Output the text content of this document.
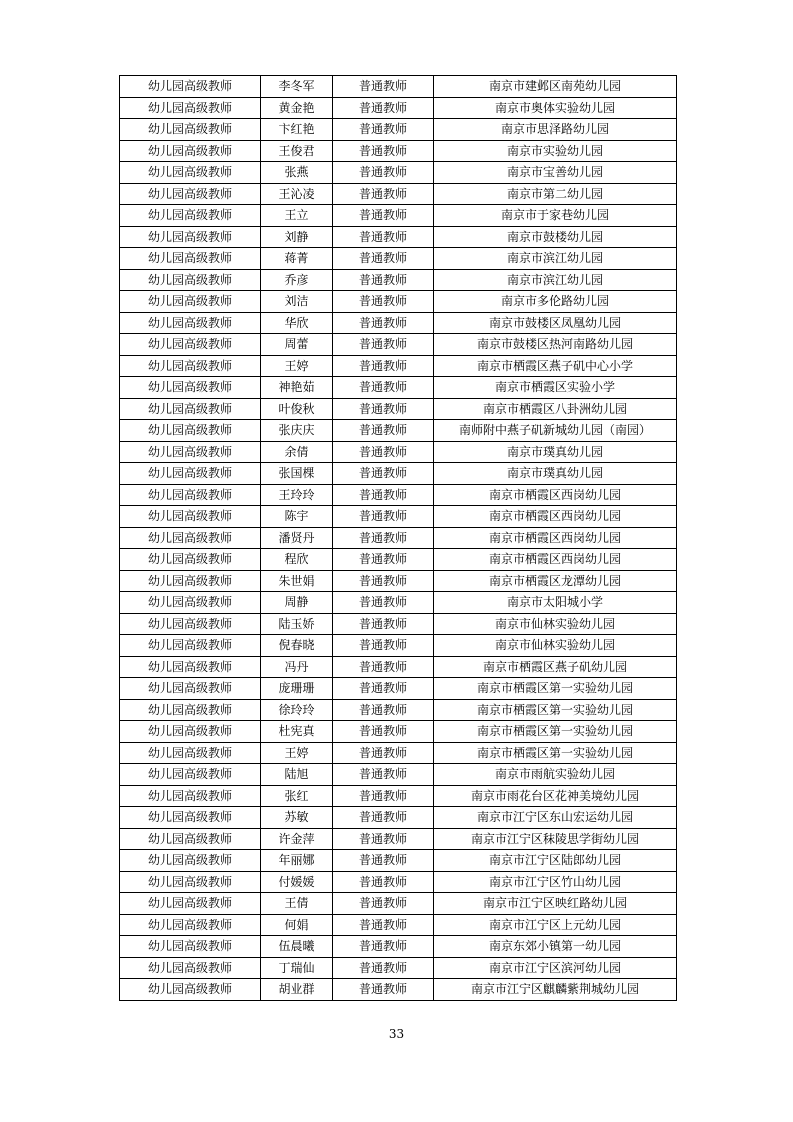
幼儿园高级教师	李冬军	普通教师	南京市建邺区南苑幼儿园
幼儿园高级教师	黄金艳	普通教师	南京市奥体实验幼儿园
幼儿园高级教师	卞红艳	普通教师	南京市思泽路幼儿园
幼儿园高级教师	王俊君	普通教师	南京市实验幼儿园
幼儿园高级教师	张燕	普通教师	南京市宝善幼儿园
幼儿园高级教师	王沁凌	普通教师	南京市第二幼儿园
幼儿园高级教师	王立	普通教师	南京市于家巷幼儿园
幼儿园高级教师	刘静	普通教师	南京市鼓楼幼儿园
幼儿园高级教师	蒋菁	普通教师	南京市滨江幼儿园
幼儿园高级教师	乔彦	普通教师	南京市滨江幼儿园
幼儿园高级教师	刘洁	普通教师	南京市多伦路幼儿园
幼儿园高级教师	华欣	普通教师	南京市鼓楼区凤凰幼儿园
幼儿园高级教师	周蕾	普通教师	南京市鼓楼区热河南路幼儿园
幼儿园高级教师	王婷	普通教师	南京市栖霞区燕子矶中心小学
幼儿园高级教师	神艳茹	普通教师	南京市栖霞区实验小学
幼儿园高级教师	叶俊秋	普通教师	南京市栖霞区八卦洲幼儿园
幼儿园高级教师	张庆庆	普通教师	南师附中燕子矶新城幼儿园（南园）
幼儿园高级教师	余倩	普通教师	南京市璞真幼儿园
幼儿园高级教师	张国棵	普通教师	南京市璞真幼儿园
幼儿园高级教师	王玲玲	普通教师	南京市栖霞区西岗幼儿园
幼儿园高级教师	陈宇	普通教师	南京市栖霞区西岗幼儿园
幼儿园高级教师	潘贤丹	普通教师	南京市栖霞区西岗幼儿园
幼儿园高级教师	程欣	普通教师	南京市栖霞区西岗幼儿园
幼儿园高级教师	朱世娟	普通教师	南京市栖霞区龙潭幼儿园
幼儿园高级教师	周静	普通教师	南京市太阳城小学
幼儿园高级教师	陆玉娇	普通教师	南京市仙林实验幼儿园
幼儿园高级教师	倪春晓	普通教师	南京市仙林实验幼儿园
幼儿园高级教师	冯丹	普通教师	南京市栖霞区燕子矶幼儿园
幼儿园高级教师	庞珊珊	普通教师	南京市栖霞区第一实验幼儿园
幼儿园高级教师	徐玲玲	普通教师	南京市栖霞区第一实验幼儿园
幼儿园高级教师	杜宪真	普通教师	南京市栖霞区第一实验幼儿园
幼儿园高级教师	王婷	普通教师	南京市栖霞区第一实验幼儿园
幼儿园高级教师	陆旭	普通教师	南京市雨航实验幼儿园
幼儿园高级教师	张红	普通教师	南京市雨花台区花神美境幼儿园
幼儿园高级教师	苏敏	普通教师	南京市江宁区东山宏运幼儿园
幼儿园高级教师	许金萍	普通教师	南京市江宁区秣陵思学街幼儿园
幼儿园高级教师	年丽娜	普通教师	南京市江宁区陆郎幼儿园
幼儿园高级教师	付媛媛	普通教师	南京市江宁区竹山幼儿园
幼儿园高级教师	王倩	普通教师	南京市江宁区映红路幼儿园
幼儿园高级教师	何娟	普通教师	南京市江宁区上元幼儿园
幼儿园高级教师	伍晨曦	普通教师	南京东郊小镇第一幼儿园
幼儿园高级教师	丁瑞仙	普通教师	南京市江宁区滨河幼儿园
幼儿园高级教师	胡业群	普通教师	南京市江宁区麒麟紫荆城幼儿园
33
